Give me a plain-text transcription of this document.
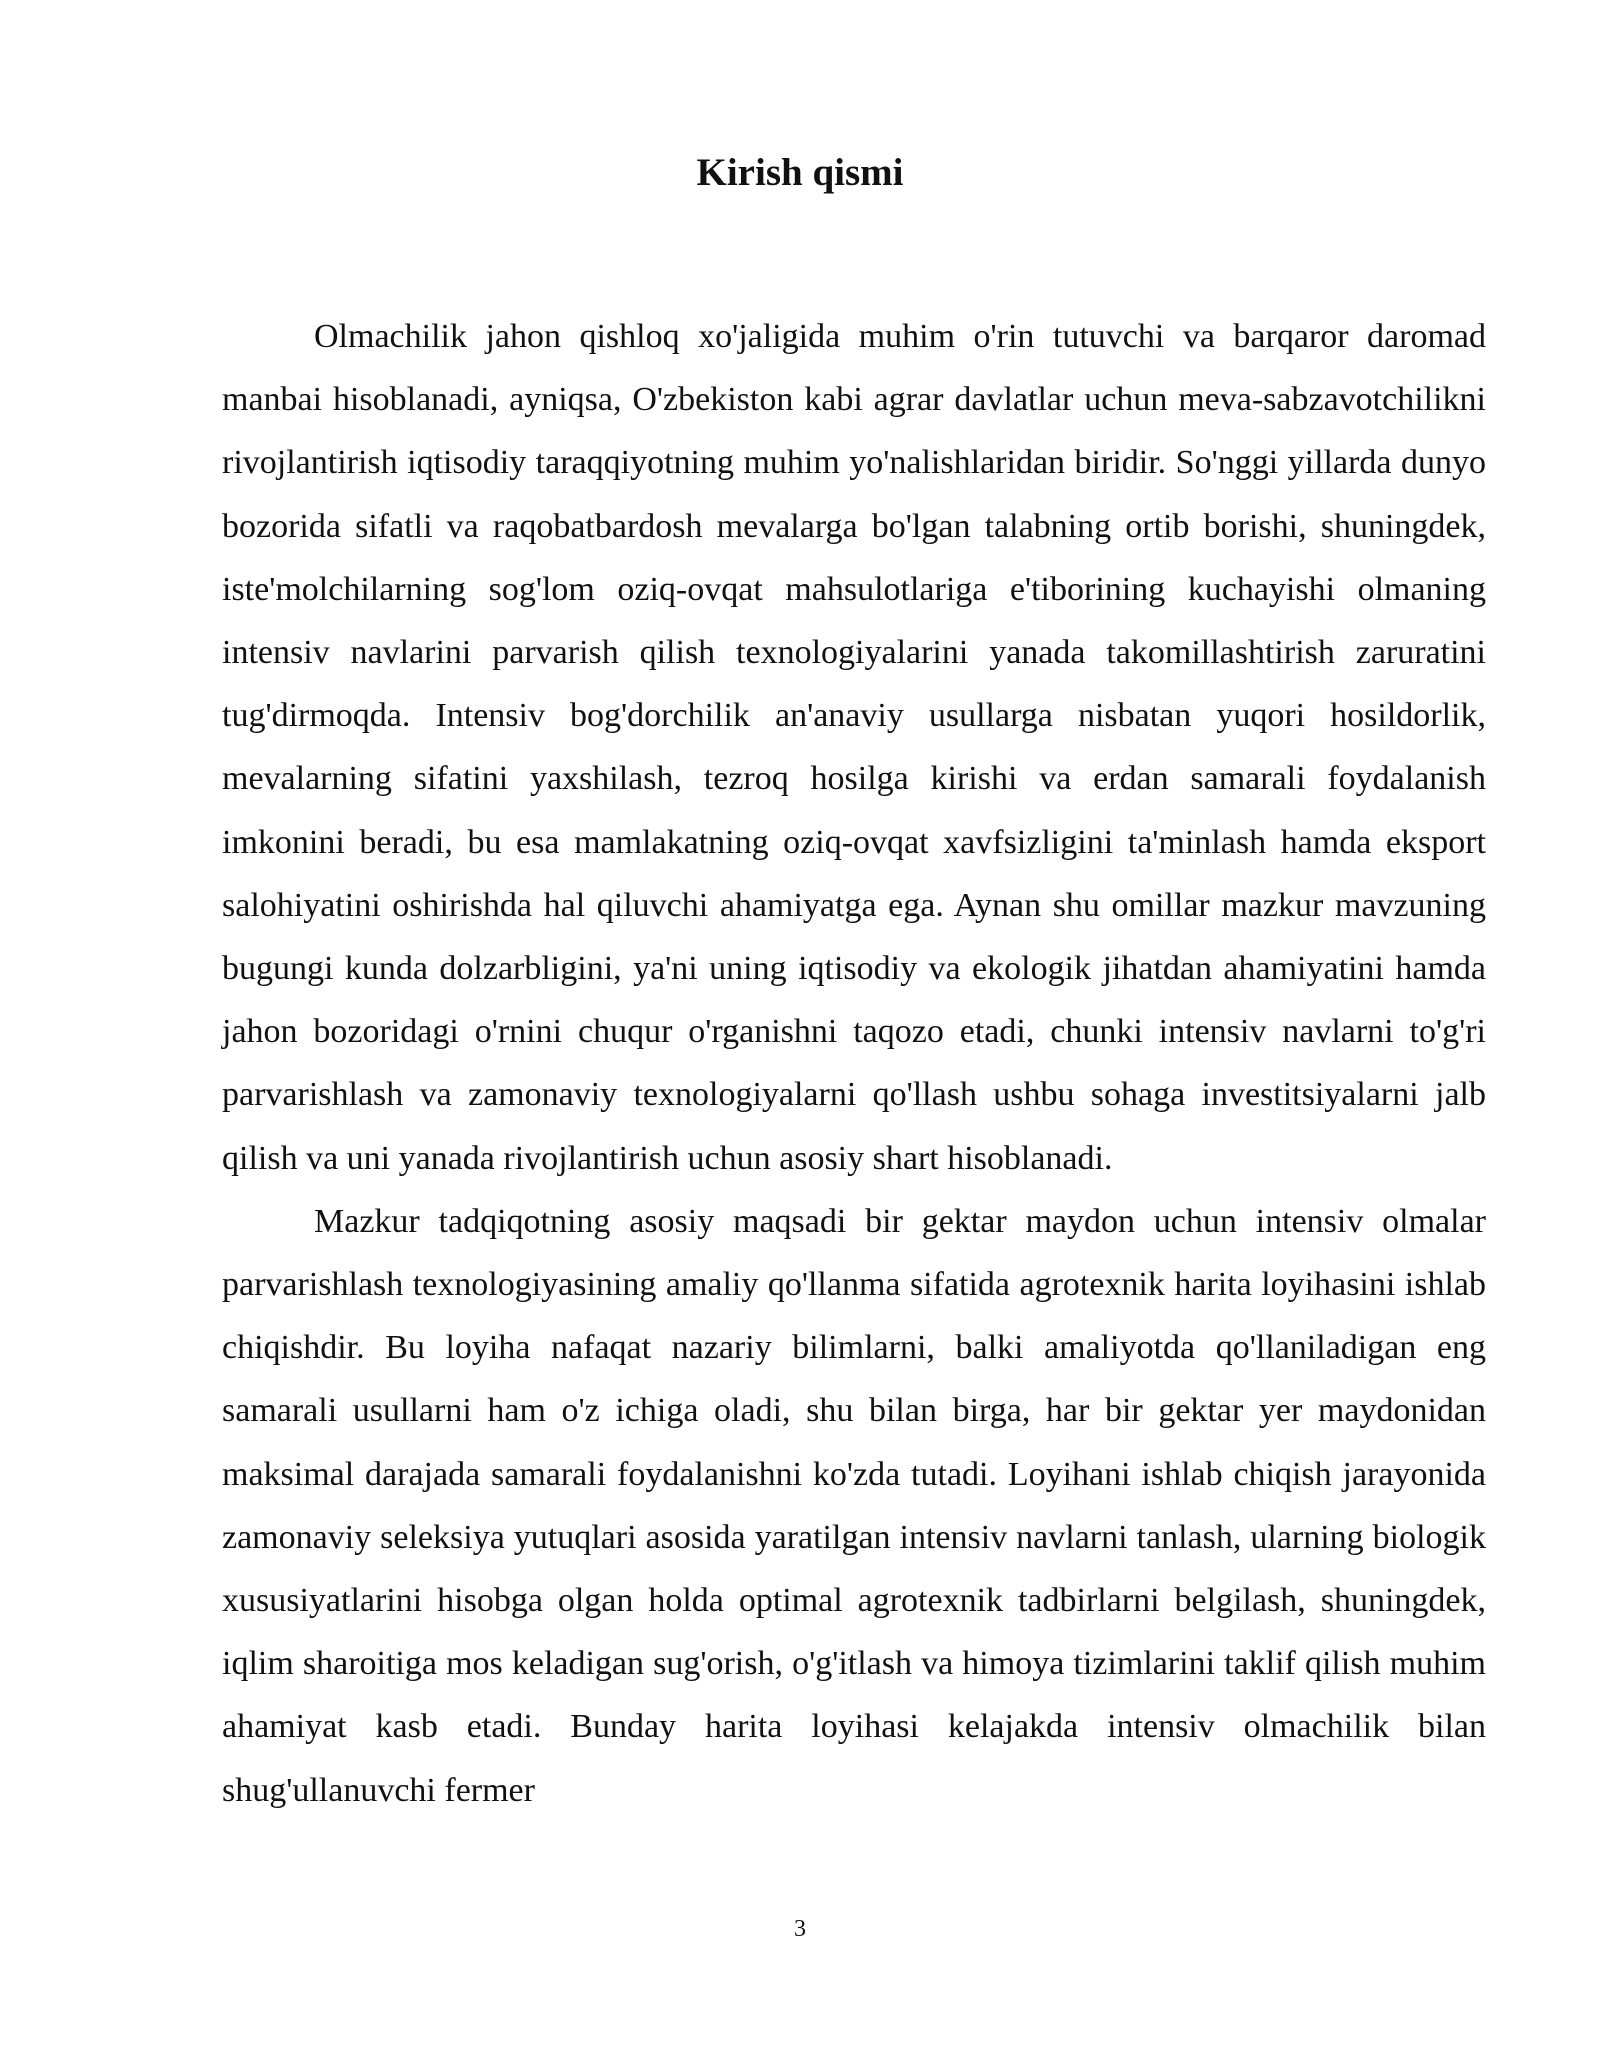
Kirish qismi

Olmachilik jahon qishloq xo'jaligida muhim o'rin tutuvchi va barqaror daromad manbai hisoblanadi, ayniqsa, O'zbekiston kabi agrar davlatlar uchun meva-sabzavotchilikni rivojlantirish iqtisodiy taraqqiyotning muhim yo'nalishlaridan biridir. So'nggi yillarda dunyo bozorida sifatli va raqobatbardosh mevalarga bo'lgan talabning ortib borishi, shuningdek, iste'molchilarning sog'lom oziq-ovqat mahsulotlariga e'tiborining kuchayishi olmaning intensiv navlarini parvarish qilish texnologiyalarini yanada takomillashtirish zaruratini tug'dirmoqda. Intensiv bog'dorchilik an'anaviy usullarga nisbatan yuqori hosildorlik, mevalarning sifatini yaxshilash, tezroq hosilga kirishi va erdan samarali foydalanish imkonini beradi, bu esa mamlakatning oziq-ovqat xavfsizligini ta'minlash hamda eksport salohiyatini oshirishda hal qiluvchi ahamiyatga ega. Aynan shu omillar mazkur mavzuning bugungi kunda dolzarbligini, ya'ni uning iqtisodiy va ekologik jihatdan ahamiyatini hamda jahon bozoridagi o'rnini chuqur o'rganishni taqozo etadi, chunki intensiv navlarni to'g'ri parvarishlash va zamonaviy texnologiyalarni qo'llash ushbu sohaga investitsiyalarni jalb qilish va uni yanada rivojlantirish uchun asosiy shart hisoblanadi.

Mazkur tadqiqotning asosiy maqsadi bir gektar maydon uchun intensiv olmalar parvarishlash texnologiyasining amaliy qo'llanma sifatida agrotexnik harita loyihasini ishlab chiqishdir. Bu loyiha nafaqat nazariy bilimlarni, balki amaliyotda qo'llaniladigan eng samarali usullarni ham o'z ichiga oladi, shu bilan birga, har bir gektar yer maydonidan maksimal darajada samarali foydalanishni ko'zda tutadi. Loyihani ishlab chiqish jarayonida zamonaviy seleksiya yutuqlari asosida yaratilgan intensiv navlarni tanlash, ularning biologik xususiyatlarini hisobga olgan holda optimal agrotexnik tadbirlarni belgilash, shuningdek, iqlim sharoitiga mos keladigan sug'orish, o'g'itlash va himoya tizimlarini taklif qilish muhim ahamiyat kasb etadi. Bunday harita loyihasi kelajakda intensiv olmachilik bilan shug'ullanuvchi fermer

3
